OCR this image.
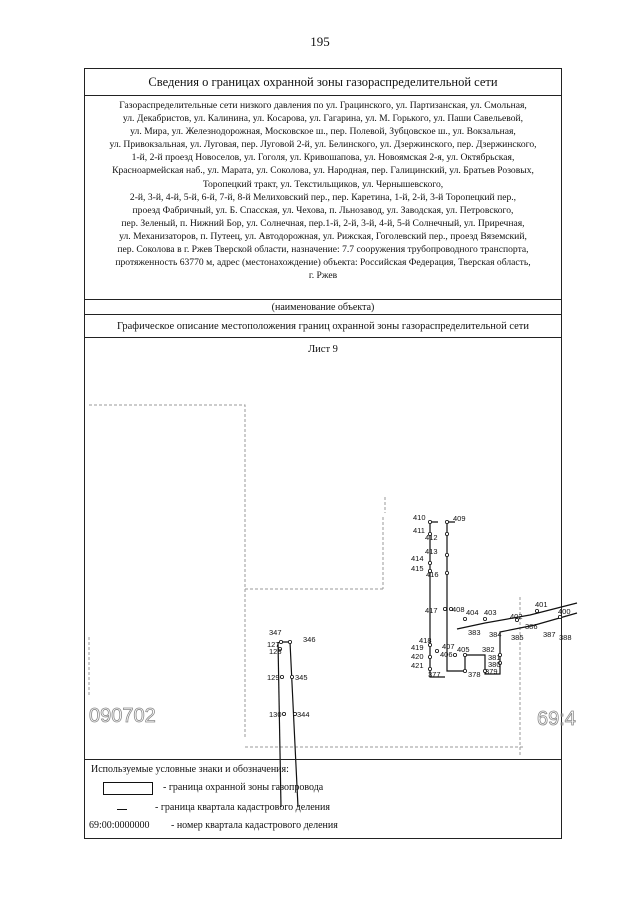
195
Сведения о границах охранной зоны газораспределительной сети
Газораспределительные сети низкого давления по ул. Грацинского, ул. Партизанская, ул. Смольная,
ул. Декабристов, ул. Калинина, ул. Косарова, ул. Гагарина, ул. М. Горького, ул. Паши Савельевой,
ул. Мира, ул. Железнодорожная, Московское ш., пер. Полевой, Зубцовское ш., ул. Вокзальная,
ул. Привокзальная, ул. Луговая, пер. Луговой 2-й, ул. Белинского, ул. Дзержинского, пер. Дзержинского,
1-й, 2-й проезд Новоселов, ул. Гоголя, ул. Кривошапова, ул. Новоямская 2-я, ул. Октябрьская,
Красноармейская наб., ул. Марата, ул. Соколова, ул. Народная, пер. Галицинский, ул. Братьев Розовых,
Торопецкий тракт, ул. Текстильщиков, ул. Чернышевского,
2-й, 3-й, 4-й, 5-й, 6-й, 7-й, 8-й Мелиховский пер., пер. Каретина, 1-й, 2-й, 3-й Торопецкий пер.,
проезд Фабричный, ул. Б. Спасская, ул. Чехова, п. Льнозавод, ул. Заводская, ул. Петровского,
пер. Зеленый, п. Нижний Бор, ул. Солнечная, пер.1-й, 2-й, 3-й, 4-й, 5-й Солнечный, ул. Приречная,
ул. Механизаторов, п. Путеец, ул. Автодорожная, ул. Рижская, Гоголевский пер., проезд Вяземский,
пер. Соколова в г. Ржев Тверской области, назначение: 7.7 сооружения трубопроводного транспорта,
протяженность 63770 м, адрес (местонахождение) объекта: Российская Федерация, Тверская область,
г. Ржев
(наименование объекта)
Графическое описание местоположения границ охранной зоны газораспределительной сети
090702	69:4
410	409
411
412
413
414
415
416
417 408 404 403 402
401
400
383 384 385
386
387 388
418
419 407 405
420 406
382
381
380
421
377	378 379
347
346
127
128
129 345
130 344
Лист 9
Используемые условные знаки и обозначения:
- граница охранной зоны газопровода
- граница квартала кадастрового деления
69:00:0000000 - номер квартала кадастрового деления
